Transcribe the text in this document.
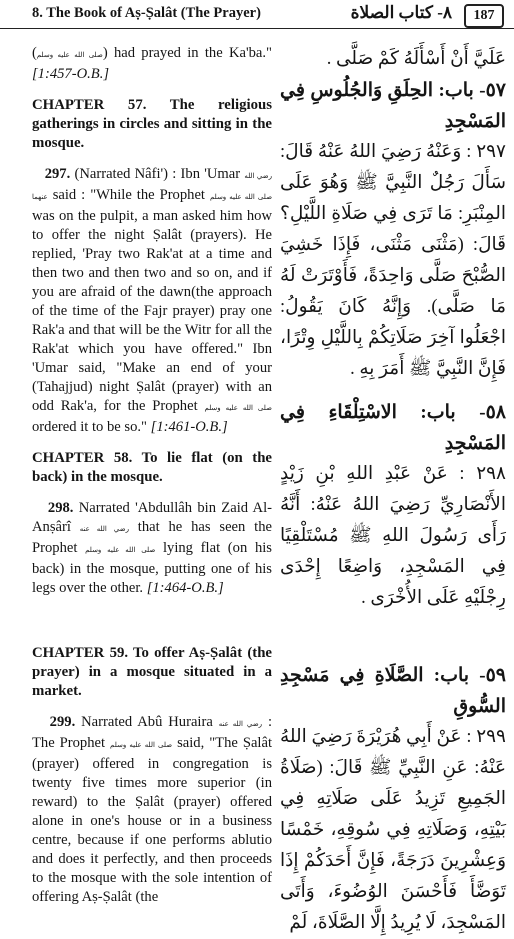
8. The Book of Aṣ-Ṣalât (The Prayer)	٨- كتاب الصلاة	187

(صلى الله عليه وسلم) had prayed in the Ka'ba." [1:457-O.B.]

CHAPTER 57. The religious gatherings in circles and sitting in the mosque.

297. (Narrated Nâfi') : Ibn 'Umar رضي الله عنهما said : "While the Prophet صلى الله عليه وسلم was on the pulpit, a man asked him how to offer the night Ṣalât (prayers). He replied, 'Pray two Rak'at at a time and then two and then two and so on, and if you are afraid of the dawn(the approach of the time of the Fajr prayer) pray one Rak'a and that will be the Witr for all the Rak'at which you have offered." Ibn 'Umar said, "Make an end of your (Tahajjud) night Ṣalât (prayer) with an odd Rak'a, for the Prophet صلى الله عليه وسلم ordered it to be so." [1:461-O.B.]

CHAPTER 58. To lie flat (on the back) in the mosque.

298. Narrated 'Abdullâh bin Zaid Al-Anṣârî رضي الله عنه that he has seen the Prophet صلى الله عليه وسلم lying flat (on his back) in the mosque, putting one of his legs over the other. [1:464-O.B.]

CHAPTER 59. To offer Aṣ-Ṣalât (the prayer) in a mosque situated in a market.

299. Narrated Abû Huraira رضي الله عنه : The Prophet صلى الله عليه وسلم said, "The Ṣalât (prayer) offered in congregation is twenty five times more superior (in reward) to the Ṣalât (prayer) offered alone in one's house or in a business centre, because if one performs ablutio and does it perfectly, and then proceeds to the mosque with the sole intention of offering Aṣ-Ṣalât (the

عَلَيَّ أَنْ أَسْأَلَهُ كَمْ صَلَّى .

٥٧- باب: الحِلَقِ وَالجُلُوسِ فِي المَسْجِدِ

٢٩٧ : وَعَنْهُ رَضِيَ اللهُ عَنْهُ قَالَ: سَأَلَ رَجُلٌ النَّبِيَّ ﷺ وَهُوَ عَلَى المِنْبَرِ: مَا تَرَى فِي صَلَاةِ اللَّيْلِ؟ قَالَ: (مَثْنَى مَثْنَى، فَإِذَا خَشِيَ الصُّبْحَ صَلَّى وَاحِدَةً، فَأَوْتَرَتْ لَهُ مَا صَلَّى). وَإِنَّهُ كَانَ يَقُولُ: اجْعَلُوا آخِرَ صَلَاتِكُمْ بِاللَّيْلِ وِتْرًا، فَإِنَّ النَّبِيَّ ﷺ أَمَرَ بِهِ .

٥٨- باب: الاسْتِلْقَاءِ فِي المَسْجِدِ

٢٩٨ : عَنْ عَبْدِ اللهِ بْنِ زَيْدٍ الأَنْصَارِيِّ رَضِيَ اللهُ عَنْهُ: أَنَّهُ رَأَى رَسُولَ اللهِ ﷺ مُسْتَلْقِيًا فِي المَسْجِدِ، وَاضِعًا إِحْدَى رِجْلَيْهِ عَلَى الأُخْرَى .

٥٩- باب: الصَّلَاةِ فِي مَسْجِدِ السُّوقِ

٢٩٩ : عَنْ أَبِي هُرَيْرَةَ رَضِيَ اللهُ عَنْهُ: عَنِ النَّبِيِّ ﷺ قَالَ: (صَلَاةُ الجَمِيعِ تَزِيدُ عَلَى صَلَاتِهِ فِي بَيْتِهِ، وَصَلَاتِهِ فِي سُوقِهِ، خَمْسًا وَعِشْرِينَ دَرَجَةً، فَإِنَّ أَحَدَكُمْ إِذَا تَوَضَّأَ فَأَحْسَنَ الوُضُوءَ، وَأَتَى المَسْجِدَ، لَا يُرِيدُ إِلَّا الصَّلَاةَ، لَمْ
